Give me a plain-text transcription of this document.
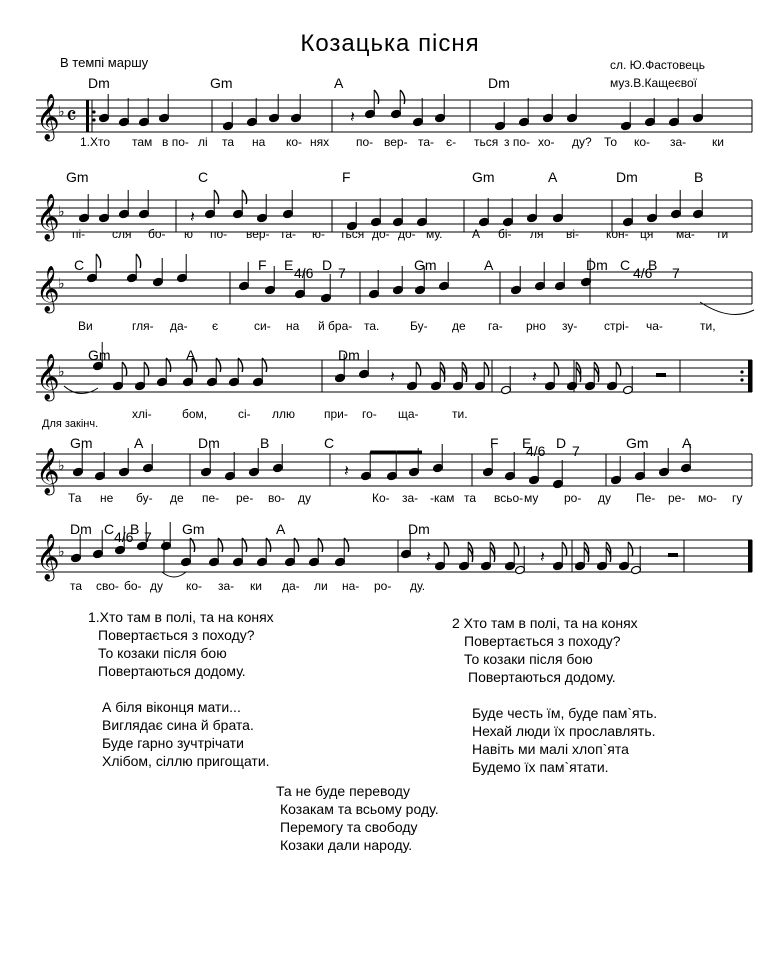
Козацька пісня
В темпі маршу	сл. Ю.Фастовець
муз.В.Кащеєвої
Для закінч.
𝄞
♭ 𝄴	𝄽
Dm	Gm	A	Dm
1.Хто там в по- лі та на ко- нях по- вер- та- є- ться з по- хо- ду? То ко- за- ки
𝄞
♭	𝄽
Gm	C	F	Gm	A	Dm	B
пі- сля бо- ю по- вер- та- ю- ться до- до- му. А бі- ля ві- кон- ця ма- ти
𝄞
♭
C	F E 4/6 D 7	Gm	A	Dm C 4/6
B 7
Ви	гля- да- є	си- на й бра- та.	Бу- де га- рно зу- стрі- ча-	ти,
𝄞
♭	𝄽	𝄽
Gm	A	Dm
хлі-	бом,	сі- ллю при- го- ща-	ти.
𝄞
♭	𝄽
Gm	A	Dm	B	C	F E
4/6 D 7	Gm A
Та не бу- де пе- ре- во- ду	Ко- за- -кам та всьо- му ро- ду Пе- ре- мо- гу
𝄞
♭	𝄽	𝄽
Dm C 4/6
B 7 Gm	A	Dm
та сво- бо- ду ко- за- ки да- ли на- ро- ду.
1.Хто там в полі, та на конях
Повертається з походу?
То козаки після бою
Повертаються додому.
А біля віконця мати...
Виглядає сина й брата.
Буде гарно зучтрічати
Хлібом, сіллю пригощати.
2 Хто там в полі, та на конях
Повертається з походу?
То козаки після бою
Повертаються додому.
Буде честь їм, буде пам`ять.
Нехай люди їх прославлять.
Навіть ми малі хлоп`ята
Будемо їх пам`ятати.
Та не буде переводу
Козакам та всьому роду.
Перемогу та свободу
Козаки дали народу.
